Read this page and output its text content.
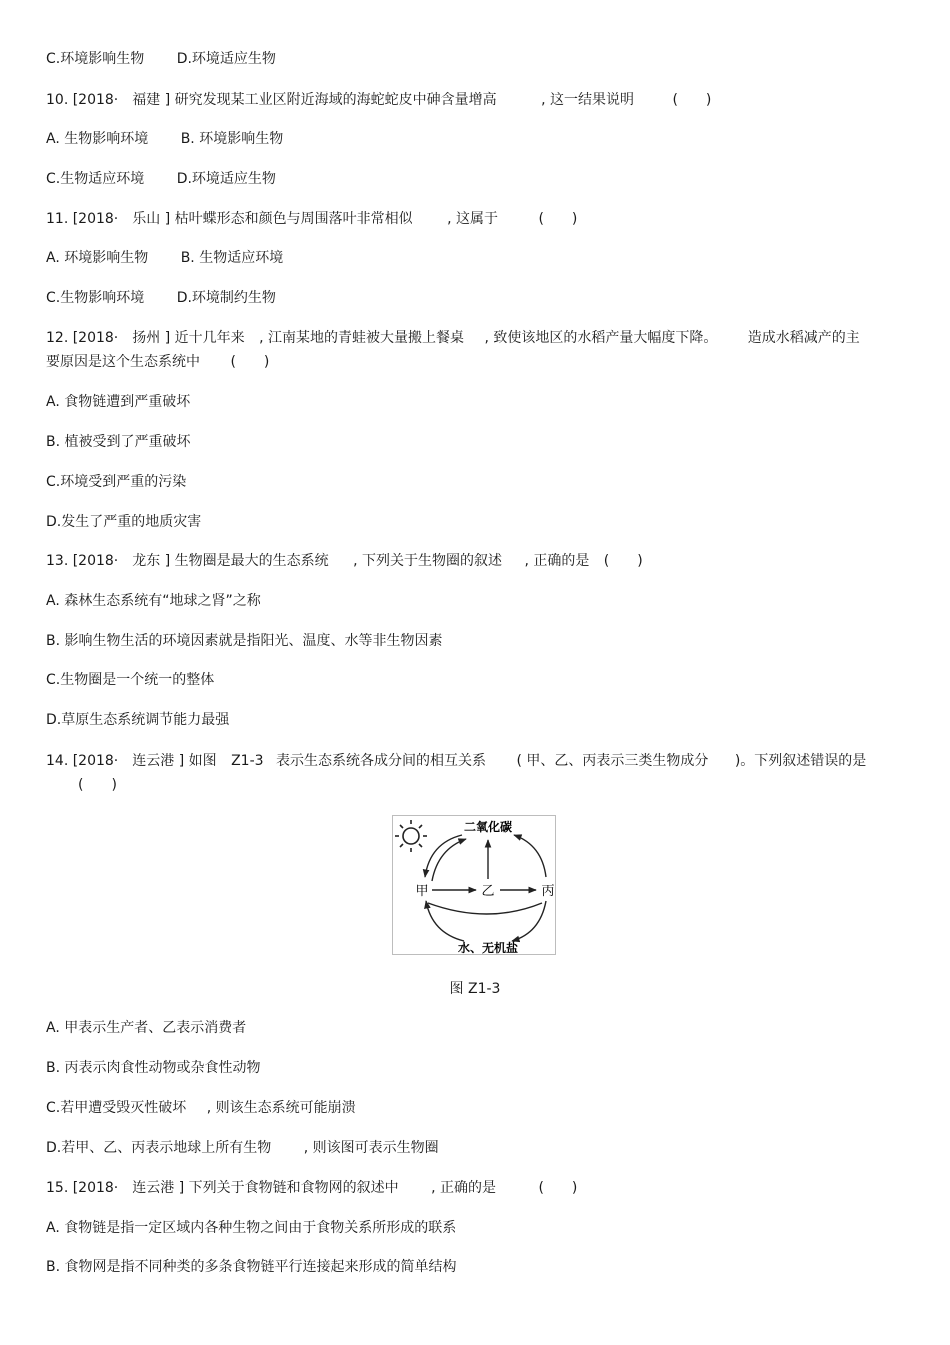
C.环境影响生物 D.环境适应生物
10. [2018·　福建 ] 研究发现某工业区附近海域的海蛇蛇皮中砷含量增高	, 这一结果说明	(　　)
A. 生物影响环境 B. 环境影响生物
C.生物适应环境 D.环境适应生物
11. [2018·　乐山 ] 枯叶蝶形态和颜色与周围落叶非常相似 , 这属于	(　　)
A. 环境影响生物 B. 生物适应环境
C.生物影响环境 D.环境制约生物
12. [2018·　扬州 ] 近十几年来 , 江南某地的青蛙被大量搬上餐桌 , 致使该地区的水稻产量大幅度下降。 造成水稻减产的主
要原因是这个生态系统中 (　　)
A. 食物链遭到严重破坏
B. 植被受到了严重破坏
C.环境受到严重的污染
D.发生了严重的地质灾害
13. [2018·　龙东 ] 生物圈是最大的生态系统 , 下列关于生物圈的叙述 , 正确的是 (　　)
A. 森林生态系统有“地球之肾”之称
B. 影响生物生活的环境因素就是指阳光、温度、水等非生物因素
C.生物圈是一个统一的整体
D.草原生态系统调节能力最强
14. [2018·　连云港 ] 如图 Z1-3 表示生态系统各成分间的相互关系 ( 甲、乙、丙表示三类生物成分 )。下列叙述错误的是
(　　)
二氧化碳
水、无机盐
甲	乙	丙
图 Z1-3
A. 甲表示生产者、乙表示消费者
B. 丙表示肉食性动物或杂食性动物
C.若甲遭受毁灭性破坏 , 则该生态系统可能崩溃
D.若甲、乙、丙表示地球上所有生物 , 则该图可表示生物圈
15. [2018·　连云港 ] 下列关于食物链和食物网的叙述中 , 正确的是	(　　)
A. 食物链是指一定区域内各种生物之间由于食物关系所形成的联系
B. 食物网是指不同种类的多条食物链平行连接起来形成的简单结构
